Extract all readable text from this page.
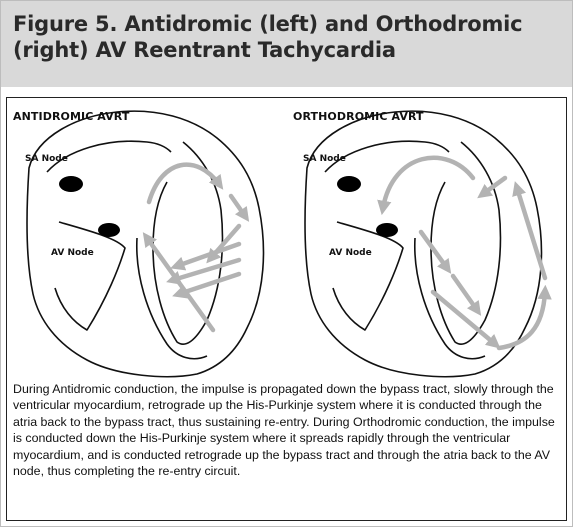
Figure 5. Antidromic (left) and Orthodromic (right) AV Reentrant Tachycardia
ANTIDROMIC AVRT	ORTHODROMIC AVRT
SA Node
AV Node
SA Node
AV Node

During Antidromic conduction, the impulse is propagated down the bypass tract, slowly through the ventricular myocardium, retrograde up the His-Purkinje system where it is conducted through the atria back to the bypass tract, thus sustaining re-entry. During Orthodromic conduction, the impulse is conducted down the His-Purkinje system where it spreads rapidly through the ventricular myocardium, and is conducted retrograde up the bypass tract and through the atria back to the AV node, thus completing the re-entry circuit.
